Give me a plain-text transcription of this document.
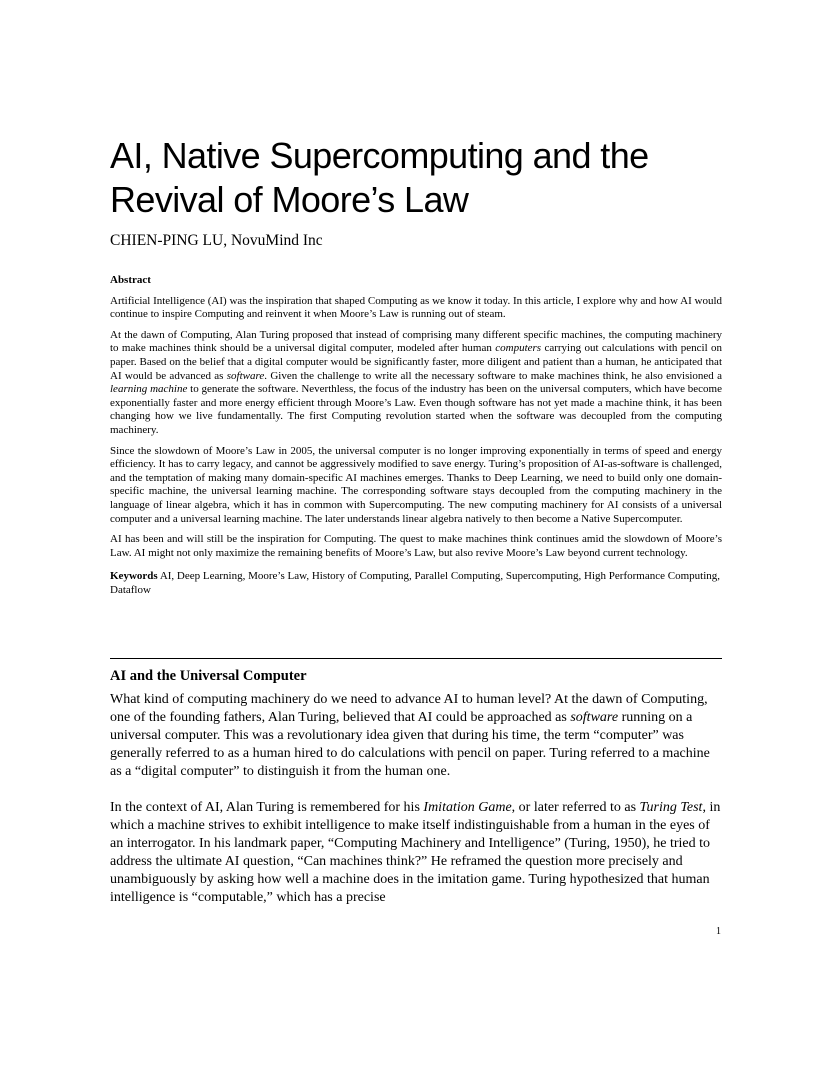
AI, Native Supercomputing and the
Revival of Moore’s Law
CHIEN-PING LU, NovuMind Inc

Abstract

Artificial Intelligence (AI) was the inspiration that shaped Computing as we know it today. In this article, I explore why and how AI would continue to inspire Computing and reinvent it when Moore’s Law is running out of steam.

At the dawn of Computing, Alan Turing proposed that instead of comprising many different specific machines, the computing machinery to make machines think should be a universal digital computer, modeled after human computers carrying out calculations with pencil on paper. Based on the belief that a digital computer would be significantly faster, more diligent and patient than a human, he anticipated that AI would be advanced as software. Given the challenge to write all the necessary software to make machines think, he also envisioned a learning machine to generate the software. Neverthless, the focus of the industry has been on the universal computers, which have become exponentially faster and more energy efficient through Moore’s Law. Even though software has not yet made a machine think, it has been changing how we live fundamentally. The first Computing revolution started when the software was decoupled from the computing machinery.

Since the slowdown of Moore’s Law in 2005, the universal computer is no longer improving exponentially in terms of speed and energy efficiency. It has to carry legacy, and cannot be aggressively modified to save energy. Turing’s proposition of AI-as-software is challenged, and the temptation of making many domain-specific AI machines emerges. Thanks to Deep Learning, we need to build only one domain-specific machine, the universal learning machine. The corresponding software stays decoupled from the computing machinery in the language of linear algebra, which it has in common with Supercomputing. The new computing machinery for AI consists of a universal computer and a universal learning machine. The later understands linear algebra natively to then become a Native Supercomputer.

AI has been and will still be the inspiration for Computing. The quest to make machines think continues amid the slowdown of Moore’s Law. AI might not only maximize the remaining benefits of Moore’s Law, but also revive Moore’s Law beyond current technology.

Keywords AI, Deep Learning, Moore’s Law, History of Computing, Parallel Computing, Supercomputing, High Performance Computing, Dataflow

AI and the Universal Computer

What kind of computing machinery do we need to advance AI to human level? At the dawn of Computing, one of the founding fathers, Alan Turing, believed that AI could be approached as software running on a universal computer. This was a revolutionary idea given that during his time, the term “computer” was generally referred to as a human hired to do calculations with pencil on paper. Turing referred to a machine as a “digital computer” to distinguish it from the human one.

In the context of AI, Alan Turing is remembered for his Imitation Game, or later referred to as Turing Test, in which a machine strives to exhibit intelligence to make itself indistinguishable from a human in the eyes of an interrogator. In his landmark paper, “Computing Machinery and Intelligence” (Turing, 1950), he tried to address the ultimate AI question, “Can machines think?” He reframed the question more precisely and unambiguously by asking how well a machine does in the imitation game. Turing hypothesized that human intelligence is “computable,” which has a precise

1
